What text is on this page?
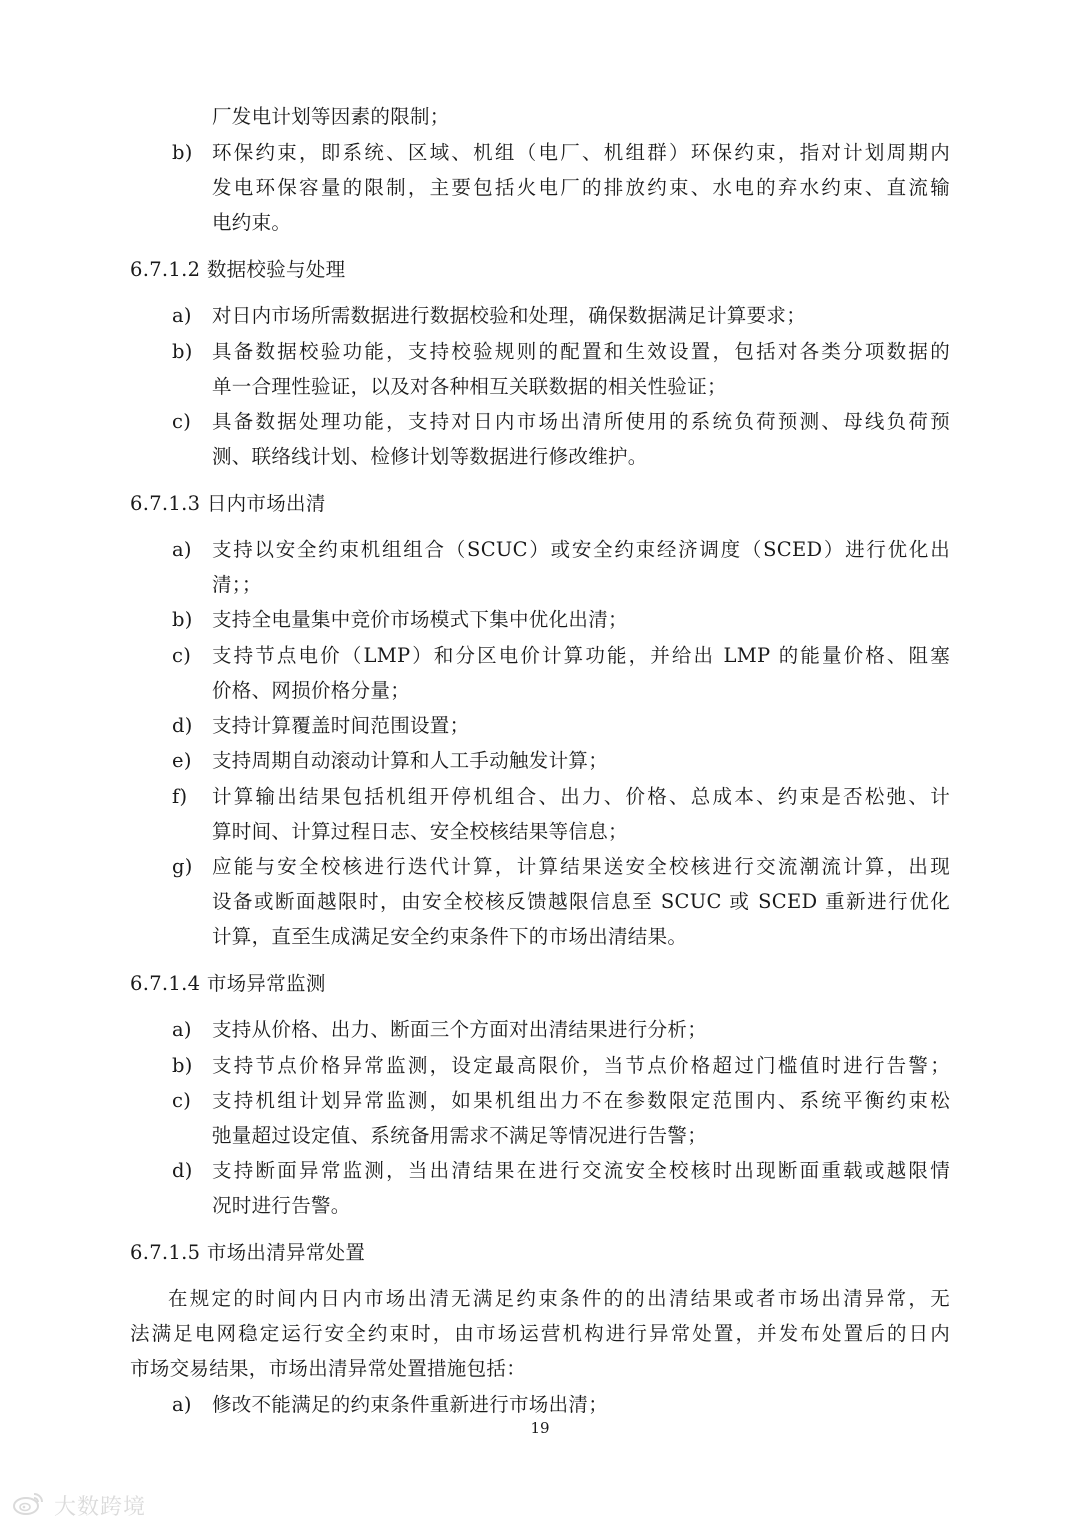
厂发电计划等因素的限制；
b) 环保约束，即系统、区域、机组（电厂、机组群）环保约束，指对计划周期内
发电环保容量的限制，主要包括火电厂的排放约束、水电的弃水约束、直流输
电约束。
6.7.1.2 数据校验与处理
a)	对日内市场所需数据进行数据校验和处理，确保数据满足计算要求；
b) 具备数据校验功能，支持校验规则的配置和生效设置，包括对各类分项数据的
单一合理性验证，以及对各种相互关联数据的相关性验证；
c)	具备数据处理功能，支持对日内市场出清所使用的系统负荷预测、母线负荷预
测、联络线计划、检修计划等数据进行修改维护。
6.7.1.3 日内市场出清
a)	支持以安全约束机组组合（SCUC）或安全约束经济调度（SCED）进行优化出
清；；
b) 支持全电量集中竞价市场模式下集中优化出清；
c)	支持节点电价（LMP）和分区电价计算功能，并给出 LMP 的能量价格、阻塞
价格、网损价格分量；
d) 支持计算覆盖时间范围设置；
e)	支持周期自动滚动计算和人工手动触发计算；
f)	计算输出结果包括机组开停机组合、出力、价格、总成本、约束是否松弛、计
算时间、计算过程日志、安全校核结果等信息；
g) 应能与安全校核进行迭代计算，计算结果送安全校核进行交流潮流计算，出现
设备或断面越限时，由安全校核反馈越限信息至 SCUC 或 SCED 重新进行优化
计算，直至生成满足安全约束条件下的市场出清结果。
6.7.1.4 市场异常监测
a)	支持从价格、出力、断面三个方面对出清结果进行分析；
b) 支持节点价格异常监测，设定最高限价，当节点价格超过门槛值时进行告警；
c)	支持机组计划异常监测，如果机组出力不在参数限定范围内、系统平衡约束松
弛量超过设定值、系统备用需求不满足等情况进行告警；
d) 支持断面异常监测，当出清结果在进行交流安全校核时出现断面重载或越限情
况时进行告警。
6.7.1.5 市场出清异常处置
在规定的时间内日内市场出清无满足约束条件的的出清结果或者市场出清异常，无
法满足电网稳定运行安全约束时，由市场运营机构进行异常处置，并发布处置后的日内
市场交易结果，市场出清异常处置措施包括：
a)	修改不能满足的约束条件重新进行市场出清；
19
大数跨境
